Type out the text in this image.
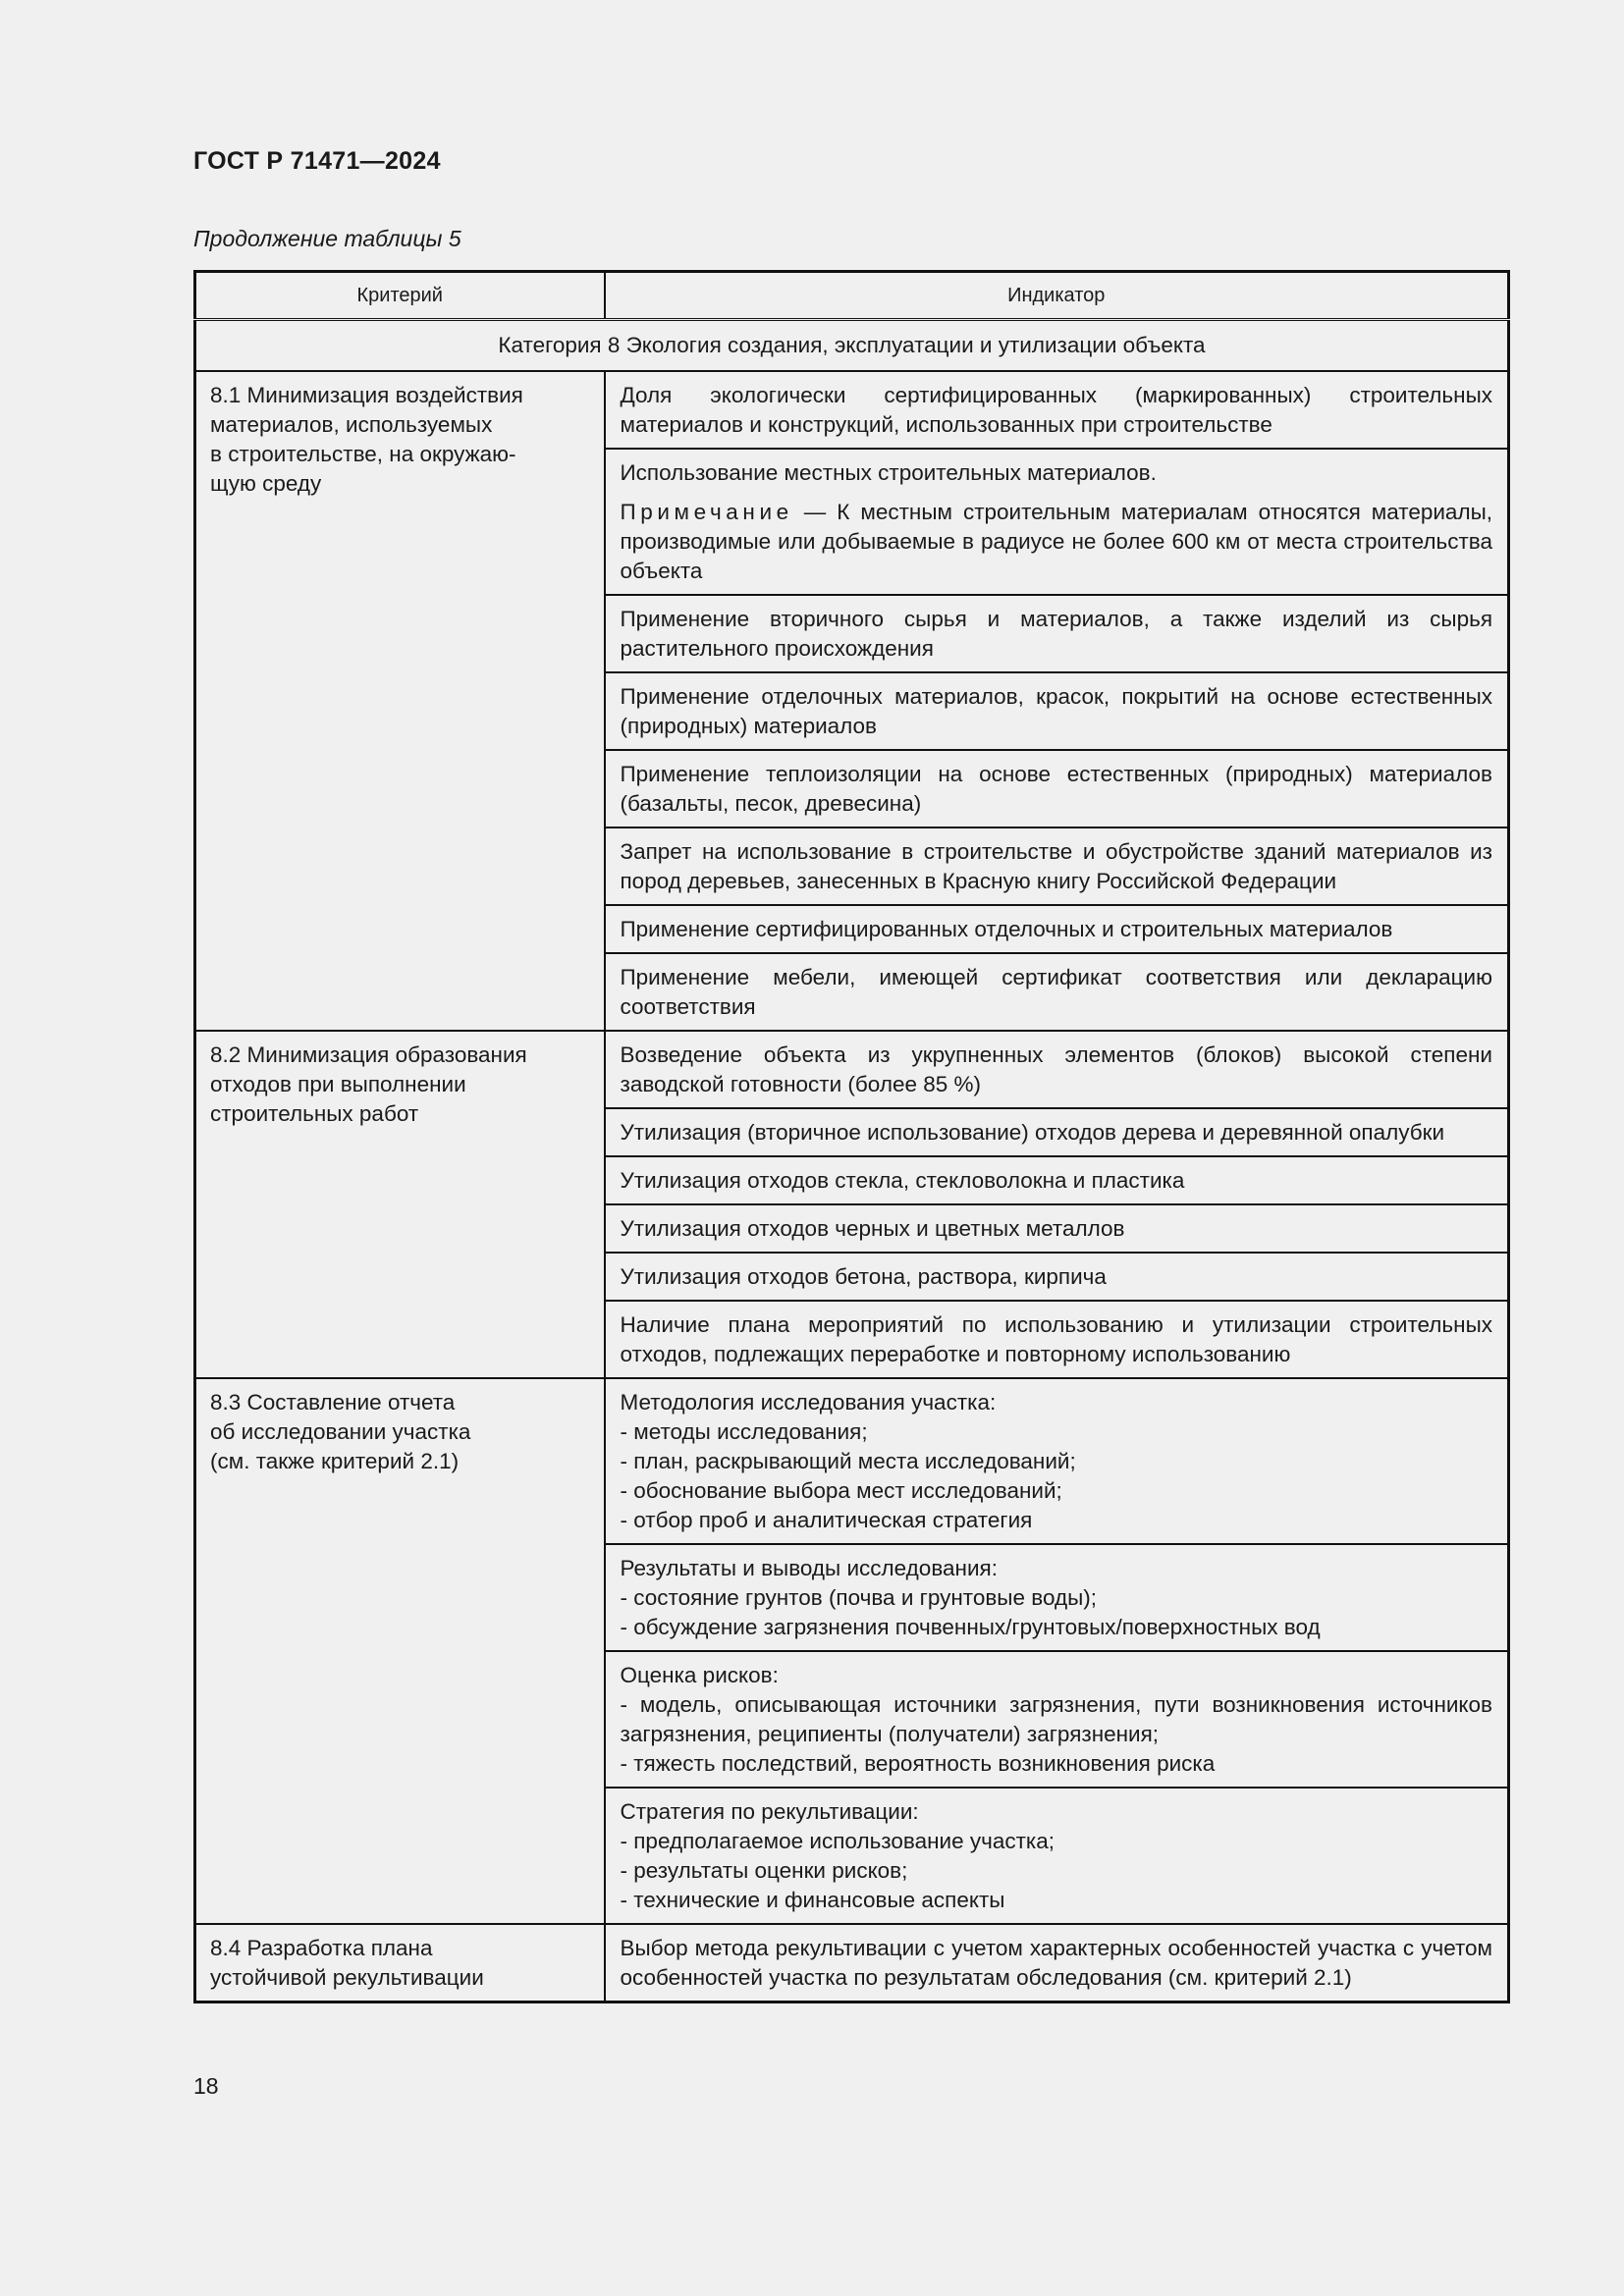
ГОСТ Р 71471—2024
Продолжение таблицы 5
Критерий	Индикатор
Категория 8 Экология создания, эксплуатации и утилизации объекта	

8.1 Минимизация воздействия
материалов, используемых
в строительстве, на окружаю-
щую среду	Доля экологически сертифицированных (маркированных) строительных материалов и конструкций, использованных при строительстве

	Использование местных строительных материалов.
Примечание — К местным строительным материалам относятся материалы, производимые или добываемые в радиусе не более 600 км от места строительства объекта

	Применение вторичного сырья и материалов, а также изделий из сырья растительного происхождения

	Применение отделочных материалов, красок, покрытий на основе естественных (природных) материалов

	Применение теплоизоляции на основе естественных (природных) материалов (базальты, песок, древесина)

	Запрет на использование в строительстве и обустройстве зданий материалов из пород деревьев, занесенных в Красную книгу Российской Федерации

	Применение сертифицированных отделочных и строительных материалов

	Применение мебели, имеющей сертификат соответствия или декларацию соответствия

8.2 Минимизация образования
отходов при выполнении
строительных работ	Возведение объекта из укрупненных элементов (блоков) высокой степени заводской готовности (более 85 %)

	Утилизация (вторичное использование) отходов дерева и деревянной опалубки

	Утилизация отходов стекла, стекловолокна и пластика

	Утилизация отходов черных и цветных металлов

	Утилизация отходов бетона, раствора, кирпича

	Наличие плана мероприятий по использованию и утилизации строительных отходов, подлежащих переработке и повторному использованию

8.3 Составление отчета
об исследовании участка
(см. также критерий 2.1)	Методология исследования участка:
- методы исследования;
- план, раскрывающий места исследований;
- обоснование выбора мест исследований;
- отбор проб и аналитическая стратегия

	Результаты и выводы исследования:
- состояние грунтов (почва и грунтовые воды);
- обсуждение загрязнения почвенных/грунтовых/поверхностных вод

	Оценка рисков:
- модель, описывающая источники загрязнения, пути возникновения источников загрязнения, реципиенты (получатели) загрязнения;
- тяжесть последствий, вероятность возникновения риска

	Стратегия по рекультивации:
- предполагаемое использование участка;
- результаты оценки рисков;
- технические и финансовые аспекты

8.4 Разработка плана
устойчивой рекультивации	Выбор метода рекультивации с учетом характерных особенностей участка с учетом особенностей участка по результатам обследования (см. критерий 2.1)
18
